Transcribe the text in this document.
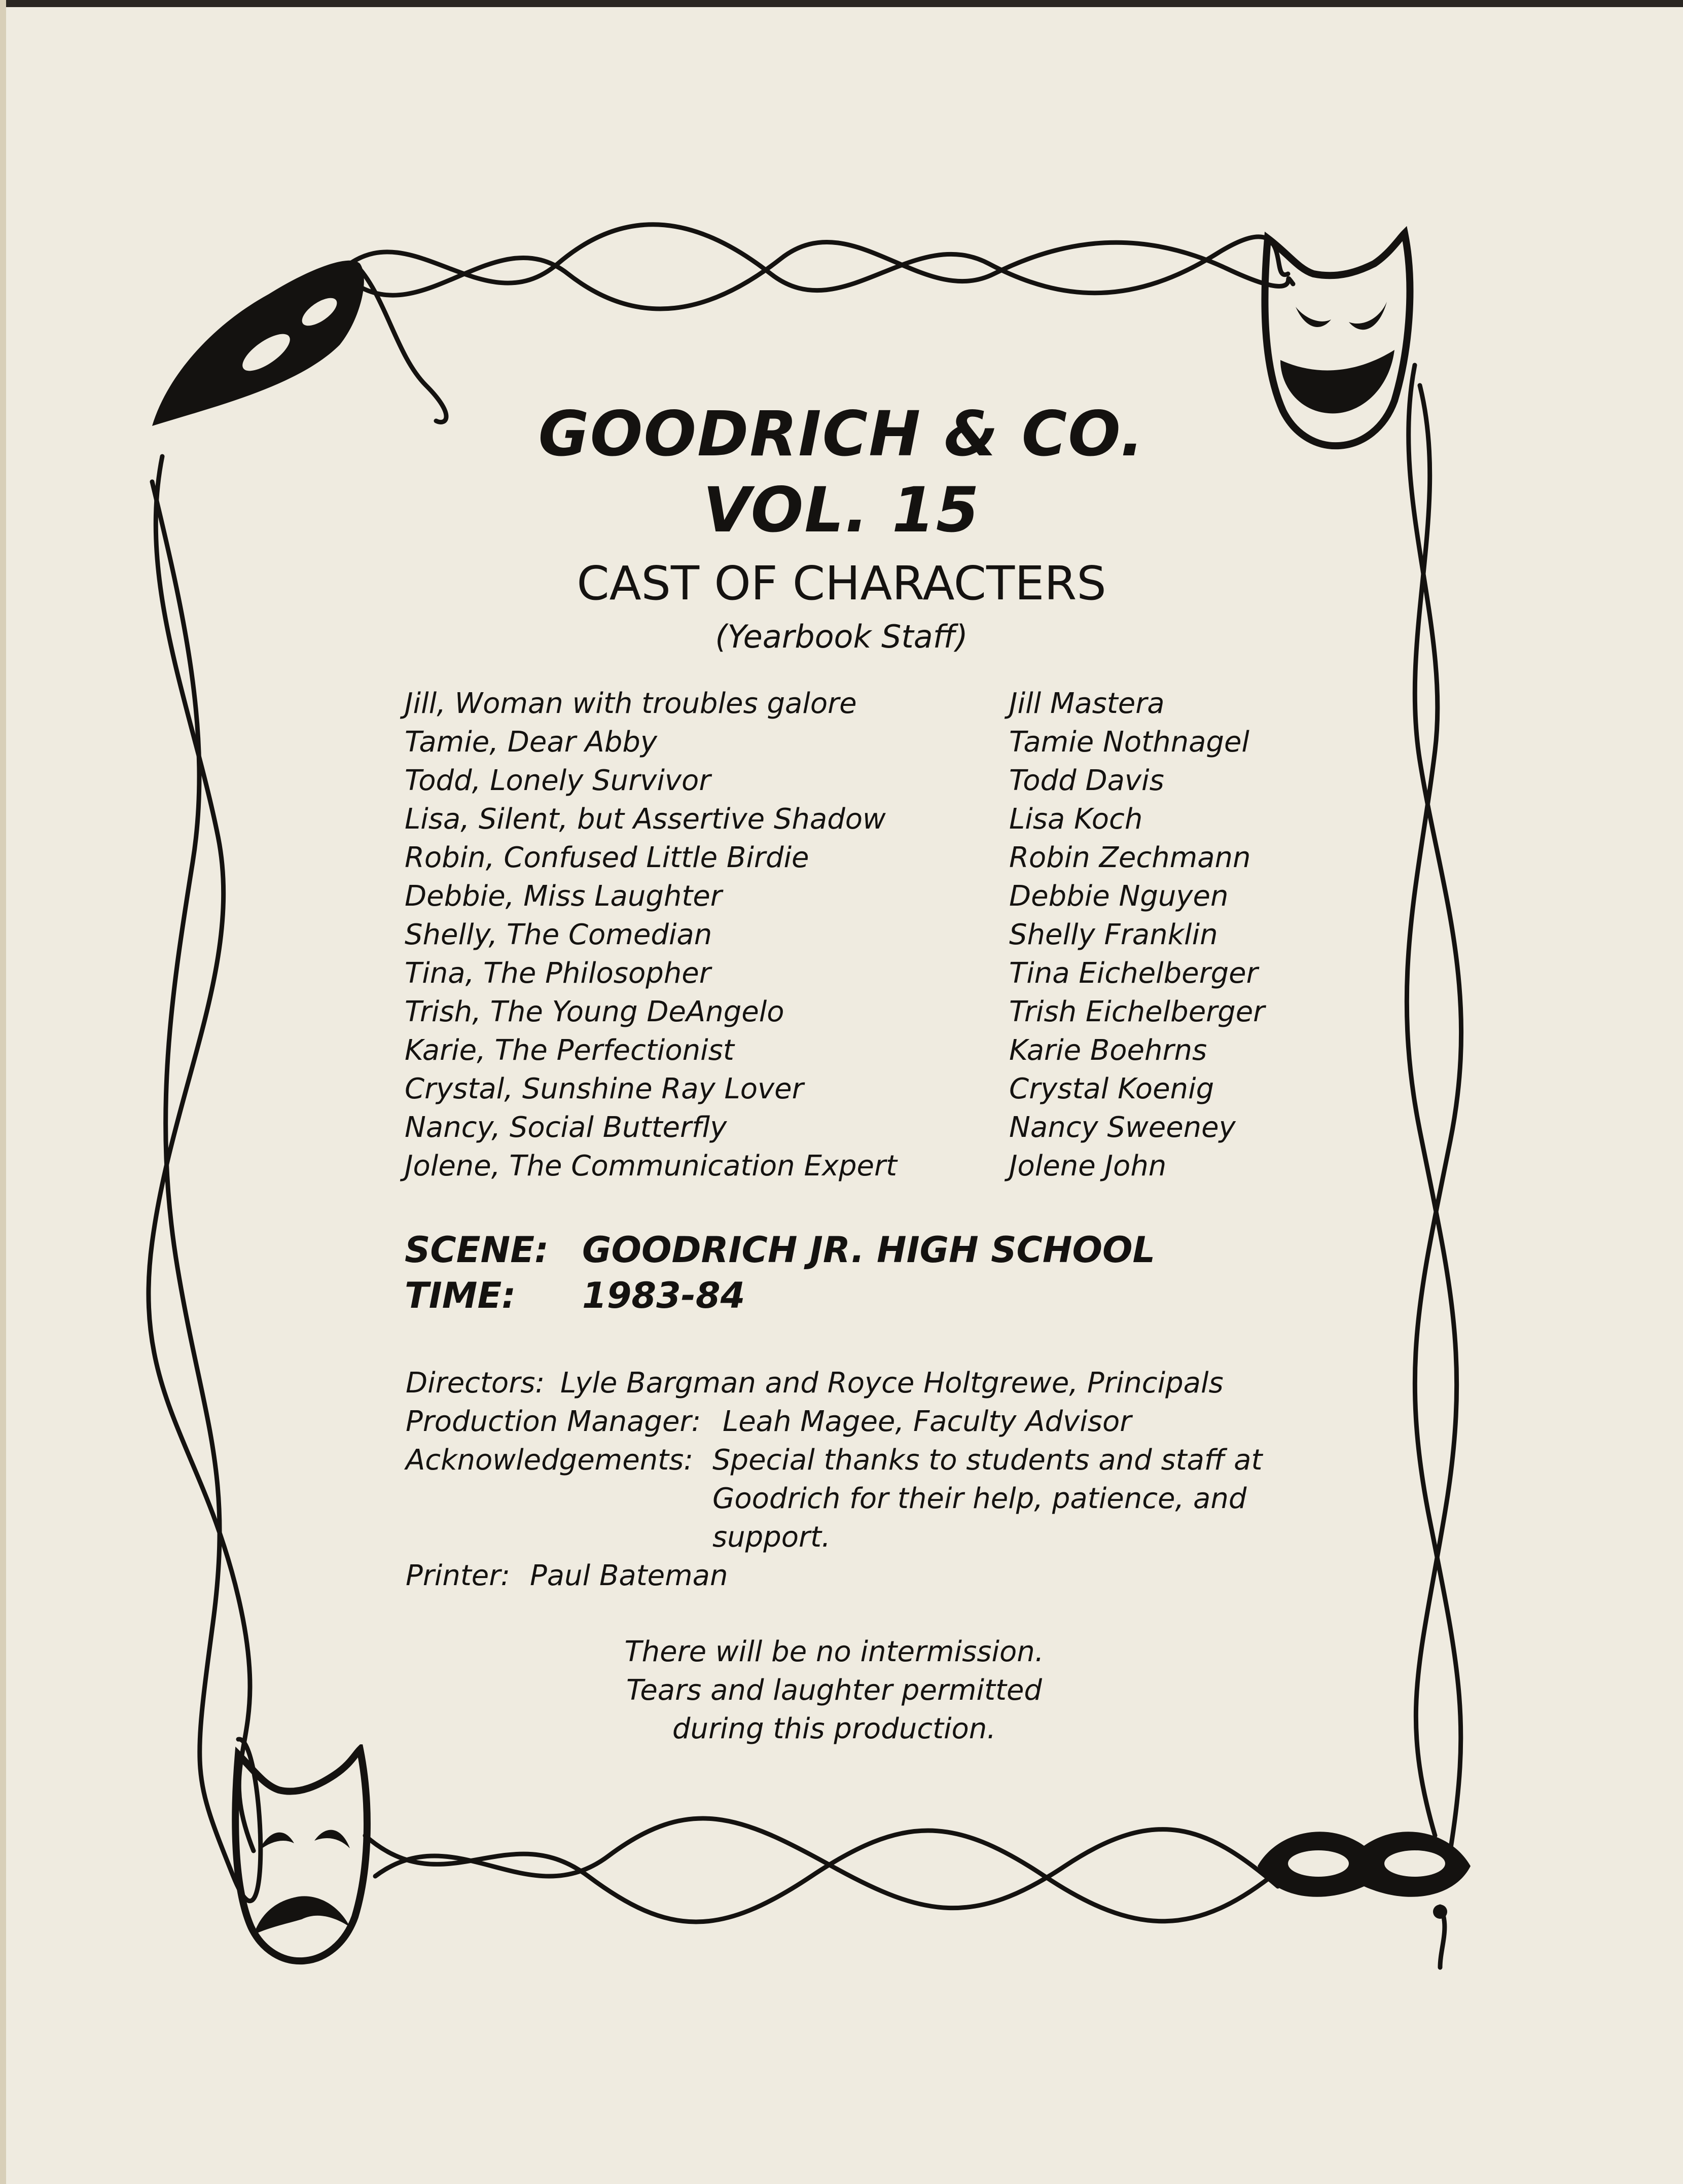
GOODRICH & CO.
VOL. 15
CAST OF CHARACTERS
(Yearbook Staff)
Jill, Woman with troubles galore
Tamie, Dear Abby
Todd, Lonely Survivor
Lisa, Silent, but Assertive Shadow
Robin, Confused Little Birdie
Debbie, Miss Laughter
Shelly, The Comedian
Tina, The Philosopher
Trish, The Young DeAngelo
Karie, The Perfectionist
Crystal, Sunshine Ray Lover
Nancy, Social Butterfly
Jolene, The Communication Expert
Jill Mastera
Tamie Nothnagel
Todd Davis
Lisa Koch
Robin Zechmann
Debbie Nguyen
Shelly Franklin
Tina Eichelberger
Trish Eichelberger
Karie Boehrns
Crystal Koenig
Nancy Sweeney
Jolene John
SCENE: GOODRICH JR. HIGH SCHOOL
TIME: 1983-84
Directors: Lyle Bargman and Royce Holtgrewe, Principals
Production Manager: Leah Magee, Faculty Advisor
Acknowledgements: Special thanks to students and staff at
Goodrich for their help, patience, and
support.
Printer: Paul Bateman
There will be no intermission.
Tears and laughter permitted
during this production.
